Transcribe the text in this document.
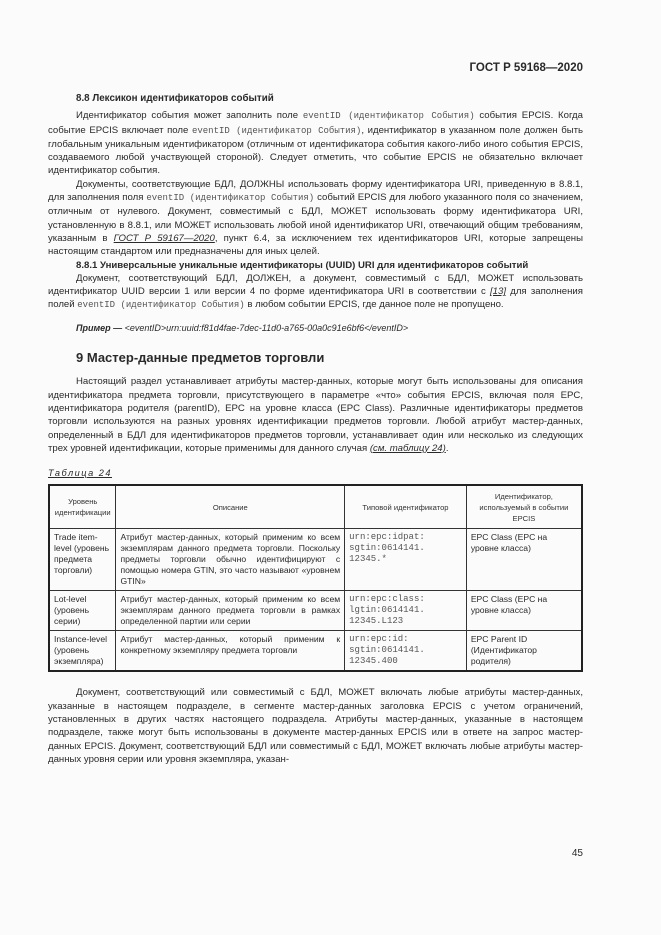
ГОСТ Р 59168—2020
8.8 Лексикон идентификаторов событий

Идентификатор события может заполнить поле eventID (идентификатор События) события EPCIS. Когда событие EPCIS включает поле eventID (идентификатор События), идентификатор в указанном поле должен быть глобальным уникальным идентификатором (отличным от идентификатора события какого-либо иного события EPCIS, создаваемого любой участвующей стороной). Следует отметить, что событие EPCIS не обязательно включает идентификатор события.

Документы, соответствующие БДЛ, ДОЛЖНЫ использовать форму идентификатора URI, приведенную в 8.8.1, для заполнения поля eventID (идентификатор События) событий EPCIS для любого указанного поля со значением, отличным от нулевого. Документ, совместимый с БДЛ, МОЖЕТ использовать форму идентификатора URI, установленную в 8.8.1, или МОЖЕТ использовать любой иной идентификатор URI, отвечающий общим требованиям, указанным в ГОСТ Р 59167—2020, пункт 6.4, за исключением тех идентификаторов URI, которые запрещены настоящим стандартом или предназначены для иных целей.

8.8.1 Универсальные уникальные идентификаторы (UUID) URI для идентификаторов событий

Документ, соответствующий БДЛ, ДОЛЖЕН, а документ, совместимый с БДЛ, МОЖЕТ использовать идентификатор UUID версии 1 или версии 4 по форме идентификатора URI в соответствии с [13] для заполнения полей eventID (идентификатор События) в любом событии EPCIS, где данное поле не пропущено.

Пример — <eventID>urn:uuid:f81d4fae-7dec-11d0-a765-00a0c91e6bf6</eventID>
9 Мастер-данные предметов торговли

Настоящий раздел устанавливает атрибуты мастер-данных, которые могут быть использованы для описания идентификатора предмета торговли, присутствующего в параметре «что» события EPCIS, включая поля EPC, идентификатора родителя (parentID), EPC на уровне класса (EPC Class). Различные идентификаторы предметов торговли используются на разных уровнях идентификации предметов торговли. Любой атрибут мастер-данных, определенный в БДЛ для идентификаторов предметов торговли, устанавливает один или несколько из следующих трех уровней идентификации, которые применимы для данного случая (см. таблицу 24).

Таблица 24
Уровень идентификации	Описание	Типовой идентификатор	Идентификатор, используемый в событии EPCIS
Trade item-level (уровень предмета торговли)	Атрибут мастер-данных, который применим ко всем экземплярам данного предмета торговли. Поскольку предметы торговли обычно идентифицируют с помощью номера GTIN, это часто называют «уровнем GTIN»	urn:epc:idpat: sgtin:0614141. 12345.*	EPC Class (EPC на уровне класса)
Lot-level (уровень серии)	Атрибут мастер-данных, который применим ко всем экземплярам данного предмета торговли в рамках определенной партии или серии	urn:epc:class: lgtin:0614141. 12345.L123	EPC Class (EPC на уровне класса)
Instance-level (уровень экземпляра)	Атрибут мастер-данных, который применим к конкретному экземпляру предмета торговли	urn:epc:id: sgtin:0614141. 12345.400	EPC Parent ID (Идентификатор родителя)

Документ, соответствующий или совместимый с БДЛ, МОЖЕТ включать любые атрибуты мастер-данных, указанные в настоящем подразделе, в сегменте мастер-данных заголовка EPCIS с учетом ограничений, установленных в других частях настоящего подраздела. Атрибуты мастер-данных, указанные в настоящем подразделе, также могут быть использованы в документе мастер-данных EPCIS или в ответе на запрос мастер-данных EPCIS. Документ, соответствующий БДЛ или совместимый с БДЛ, МОЖЕТ включать любые атрибуты мастер-данных уровня серии или уровня экземпляра, указан-

45
